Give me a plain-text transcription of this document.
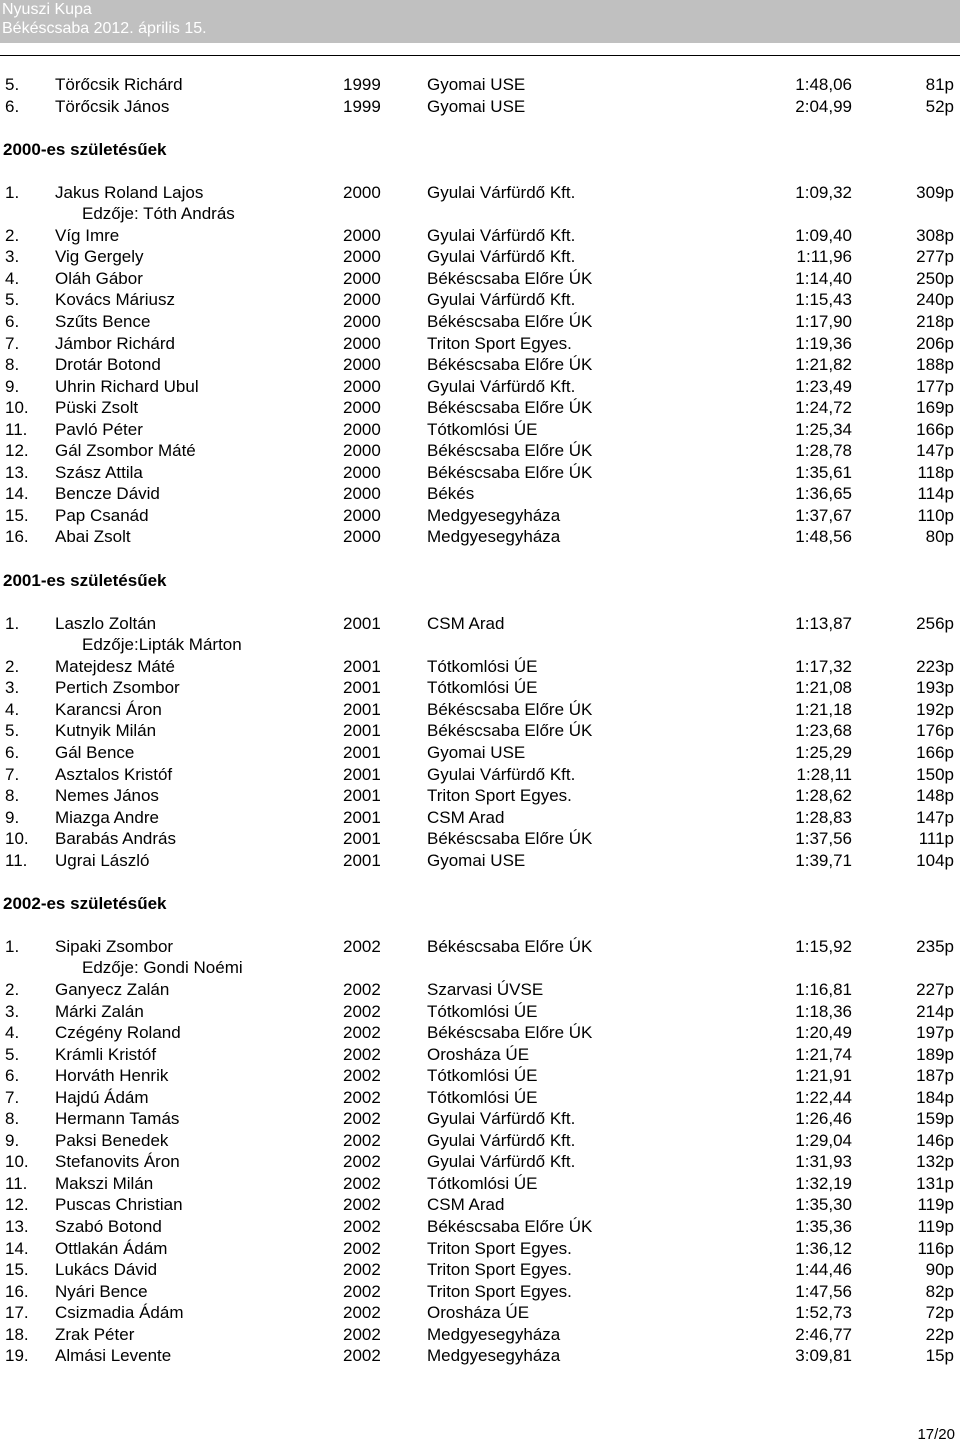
Nyuszi Kupa
Békéscsaba 2012. április 15.
5. Törőcsik Richárd	1999	Gyomai USE	1:48,06	81p
6. Törőcsik János	1999	Gyomai USE	2:04,99	52p
2000-es születésűek
1. Jakus Roland Lajos	2000	Gyulai Várfürdő Kft.	1:09,32	309p
Edzője: Tóth András
2. Víg Imre	2000	Gyulai Várfürdő Kft.	1:09,40	308p
3. Vig Gergely	2000	Gyulai Várfürdő Kft.	1:11,96	277p
4. Oláh Gábor	2000	Békéscsaba Előre ÚK	1:14,40	250p
5. Kovács Máriusz	2000	Gyulai Várfürdő Kft.	1:15,43	240p
6. Szűts Bence	2000	Békéscsaba Előre ÚK	1:17,90	218p
7. Jámbor Richárd	2000	Triton Sport Egyes.	1:19,36	206p
8. Drotár Botond	2000	Békéscsaba Előre ÚK	1:21,82	188p
9. Uhrin Richard Ubul	2000	Gyulai Várfürdő Kft.	1:23,49	177p
10. Püski Zsolt	2000	Békéscsaba Előre ÚK	1:24,72	169p
11. Pavló Péter	2000	Tótkomlósi ÚE	1:25,34	166p
12. Gál Zsombor Máté	2000	Békéscsaba Előre ÚK	1:28,78	147p
13. Szász Attila	2000	Békéscsaba Előre ÚK	1:35,61	118p
14. Bencze Dávid	2000	Békés	1:36,65	114p
15. Pap Csanád	2000	Medgyesegyháza	1:37,67	110p
16. Abai Zsolt	2000	Medgyesegyháza	1:48,56	80p
2001-es születésűek
1. Laszlo Zoltán	2001	CSM Arad	1:13,87	256p
Edzője:Lipták Márton
2. Matejdesz Máté	2001	Tótkomlósi ÚE	1:17,32	223p
3. Pertich Zsombor	2001	Tótkomlósi ÚE	1:21,08	193p
4. Karancsi Áron	2001	Békéscsaba Előre ÚK	1:21,18	192p
5. Kutnyik Milán	2001	Békéscsaba Előre ÚK	1:23,68	176p
6. Gál Bence	2001	Gyomai USE	1:25,29	166p
7. Asztalos Kristóf	2001	Gyulai Várfürdő Kft.	1:28,11	150p
8. Nemes János	2001	Triton Sport Egyes.	1:28,62	148p
9. Miazga Andre	2001	CSM Arad	1:28,83	147p
10. Barabás András	2001	Békéscsaba Előre ÚK	1:37,56	111p
11. Ugrai László	2001	Gyomai USE	1:39,71	104p
2002-es születésűek
1. Sipaki Zsombor	2002	Békéscsaba Előre ÚK	1:15,92	235p
Edzője: Gondi Noémi
2. Ganyecz Zalán	2002	Szarvasi ÚVSE	1:16,81	227p
3. Márki Zalán	2002	Tótkomlósi ÚE	1:18,36	214p
4. Czégény Roland	2002	Békéscsaba Előre ÚK	1:20,49	197p
5. Krámli Kristóf	2002	Orosháza ÚE	1:21,74	189p
6. Horváth Henrik	2002	Tótkomlósi ÚE	1:21,91	187p
7. Hajdú Ádám	2002	Tótkomlósi ÚE	1:22,44	184p
8. Hermann Tamás	2002	Gyulai Várfürdő Kft.	1:26,46	159p
9. Paksi Benedek	2002	Gyulai Várfürdő Kft.	1:29,04	146p
10. Stefanovits Áron	2002	Gyulai Várfürdő Kft.	1:31,93	132p
11. Makszi Milán	2002	Tótkomlósi ÚE	1:32,19	131p
12. Puscas Christian	2002	CSM Arad	1:35,30	119p
13. Szabó Botond	2002	Békéscsaba Előre ÚK	1:35,36	119p
14. Ottlakán Ádám	2002	Triton Sport Egyes.	1:36,12	116p
15. Lukács Dávid	2002	Triton Sport Egyes.	1:44,46	90p
16. Nyári Bence	2002	Triton Sport Egyes.	1:47,56	82p
17. Csizmadia Ádám	2002	Orosháza ÚE	1:52,73	72p
18. Zrak Péter	2002	Medgyesegyháza	2:46,77	22p
19. Almási Levente	2002	Medgyesegyháza	3:09,81	15p
17/20
